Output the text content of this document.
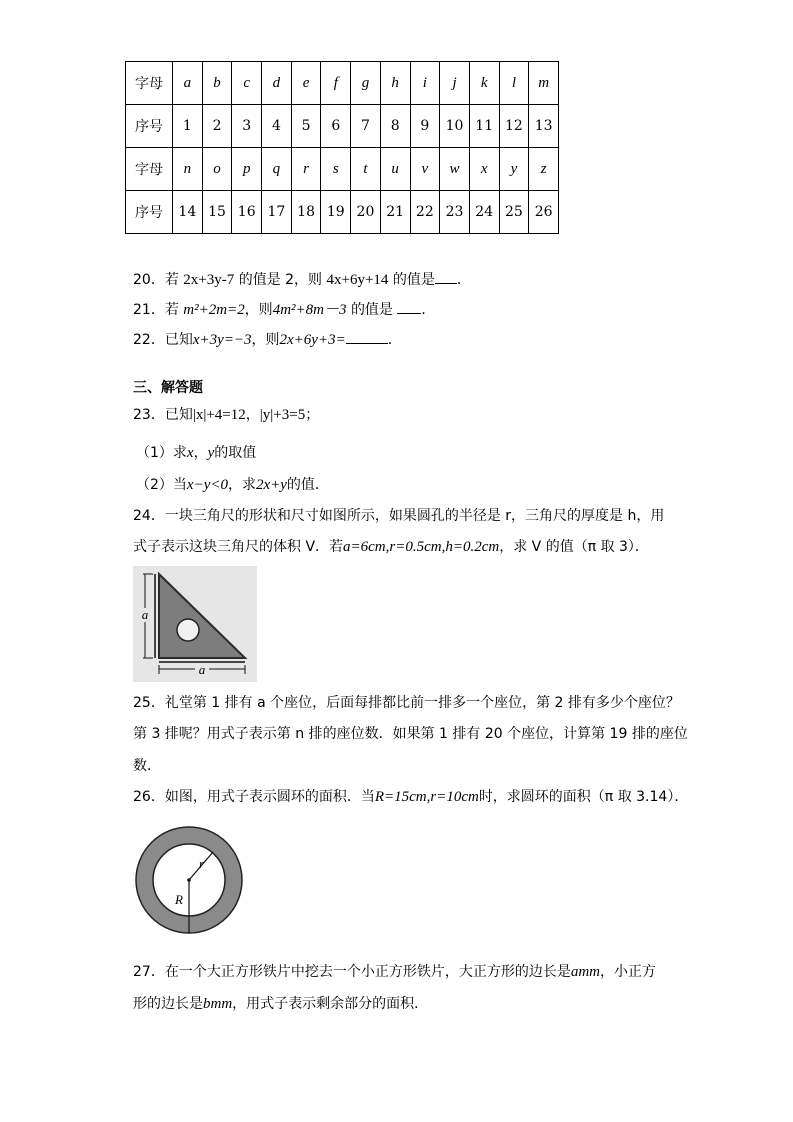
字母	a	b	c	d	e	f	g	h	i	j	k	l	m
序号	1	2	3	4	5	6	7	8	9	10	11	12	13
字母	n	o	p	q	r	s	t	u	v	w	x	y	z
序号	14	15	16	17	18	19	20	21	22	23	24	25	26
20．若 2x+3y-7 的值是 2，则 4x+6y+14 的值是 ．
21．若 m²+2m=2，则4m²+8m－3 的值是 ．
22．已知x+3y=−3，则2x+6y+3=	．
三、解答题
23．已知|x|+4=12，|y|+3=5；
（1）求x，y的取值
（2）当x−y<0，求2x+y的值．
24．一块三角尺的形状和尺寸如图所示，如果圆孔的半径是 r，三角尺的厚度是 h，用
式子表示这块三角尺的体积 V．若a=6cm,r=0.5cm,h=0.2cm，求 V 的值（π 取 3）．
a
a
25．礼堂第 1 排有 a 个座位，后面每排都比前一排多一个座位，第 2 排有多少个座位？
第 3 排呢？用式子表示第 n 排的座位数．如果第 1 排有 20 个座位，计算第 19 排的座位
数．
26．如图，用式子表示圆环的面积．当R=15cm,r=10cm时，求圆环的面积（π 取 3.14）．
r
R
27．在一个大正方形铁片中挖去一个小正方形铁片，大正方形的边长是amm，小正方
形的边长是bmm，用式子表示剩余部分的面积．
